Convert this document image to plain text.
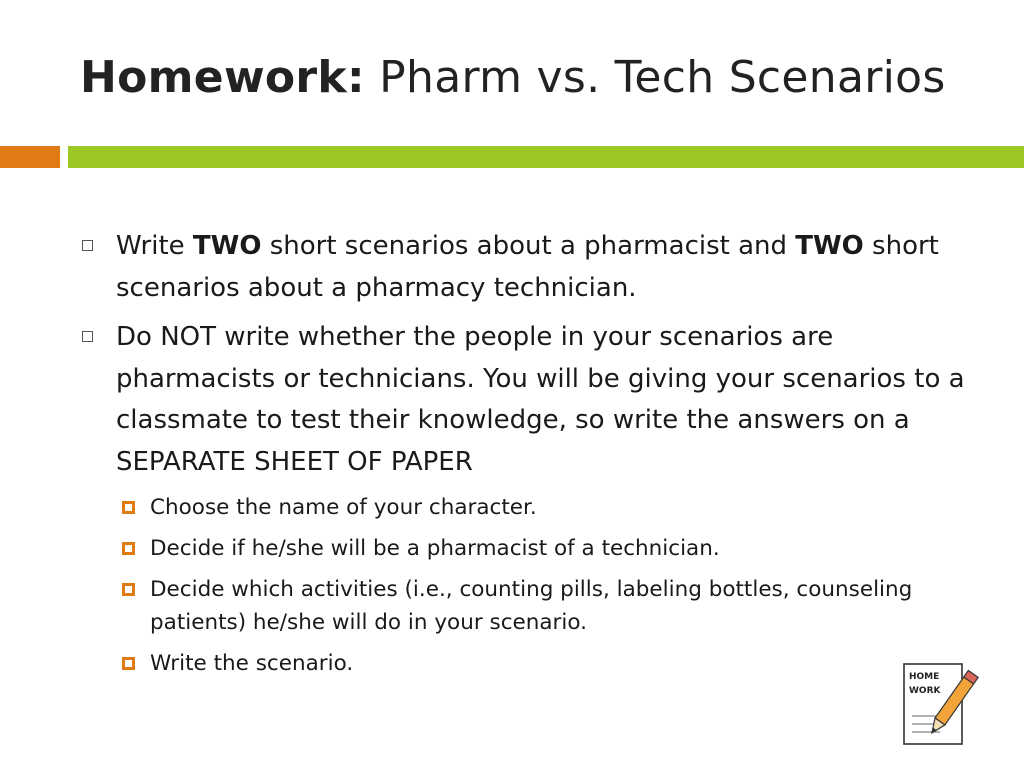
Homework: Pharm vs. Tech Scenarios
Write TWO short scenarios about a pharmacist and TWO short scenarios about a pharmacy technician.
Do NOT write whether the people in your scenarios are pharmacists or technicians. You will be giving your scenarios to a classmate to test their knowledge, so write the answers on a SEPARATE SHEET OF PAPER
Choose the name of your character.
Decide if he/she will be a pharmacist of a technician.
Decide which activities (i.e., counting pills, labeling bottles, counseling patients) he/she will do in your scenario.
Write the scenario.
HOME
WORK
